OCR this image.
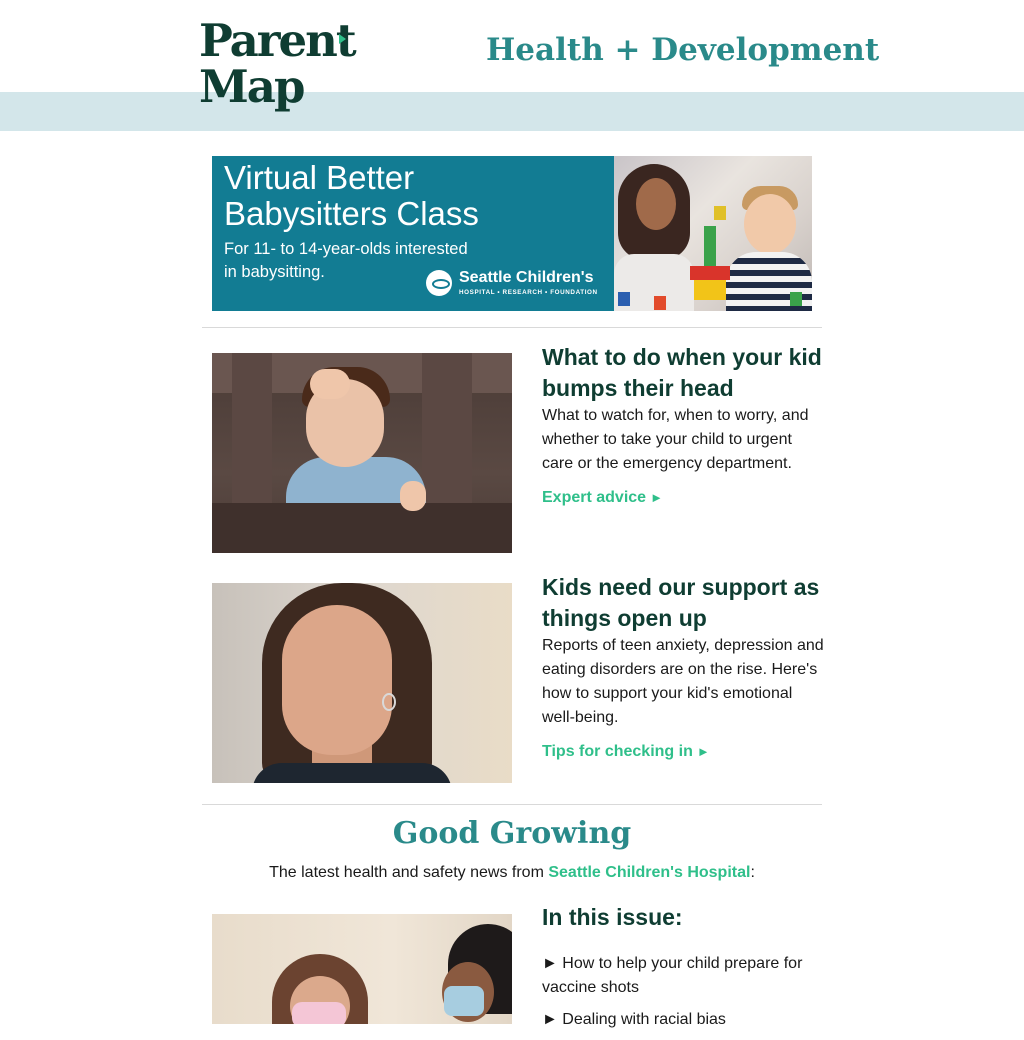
Parent
Map
Health + Development
Virtual Better
Babysitters Class
For 11- to 14-year-olds interested
in babysitting.	Seattle Children's
HOSPITAL • RESEARCH • FOUNDATION
What to do when your kid bumps their head

What to watch for, when to worry, and whether to take your child to urgent care or the emergency department.

Expert advice ►
Kids need our support as things open up

Reports of teen anxiety, depression and eating disorders are on the rise. Here's how to support your kid's emotional well-being.

Tips for checking in ►
Good Growing
The latest health and safety news from Seattle Children's Hospital:
In this issue:
► How to help your child prepare for vaccine shots
► Dealing with racial bias
